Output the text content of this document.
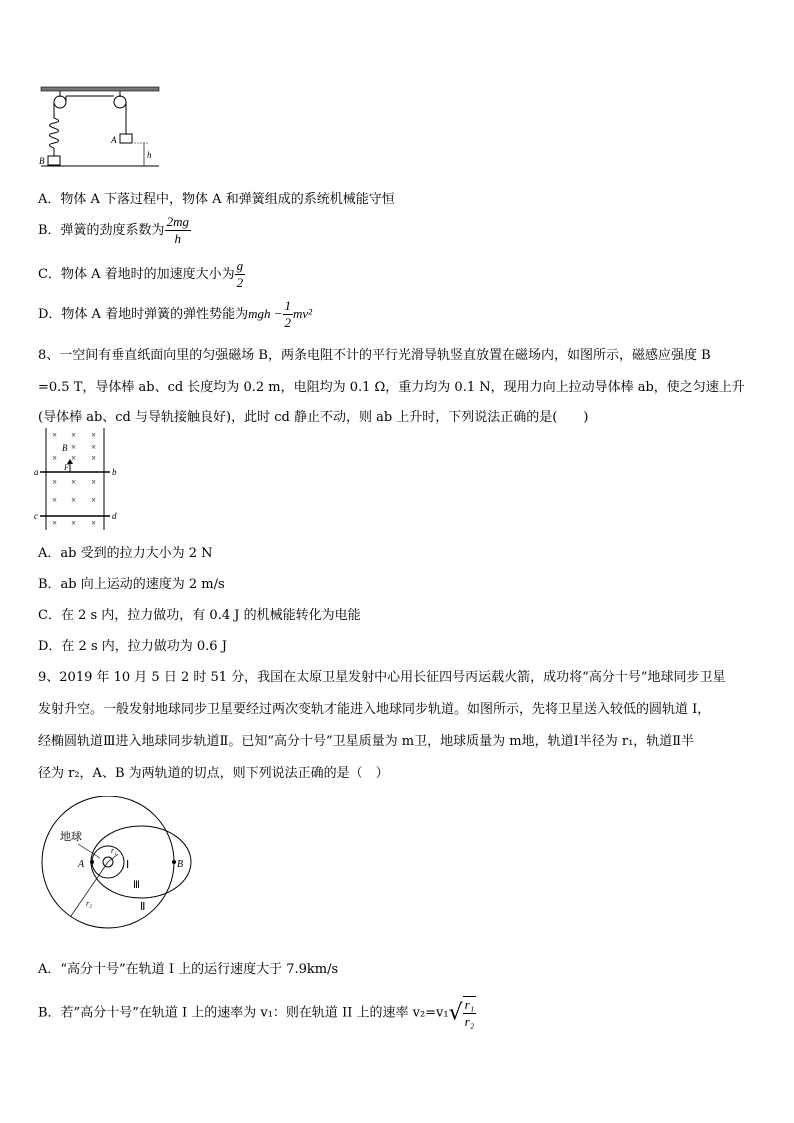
B
A
h
A．物体 A 下落过程中，物体 A 和弹簧组成的系统机械能守恒
B．弹簧的劲度系数为 $\frac{2mg}{h}$
C．物体 A 着地时的加速度大小为 $\frac{g}{2}$
D．物体 A 着地时弹簧的弹性势能为mgh − $\frac{1}{2} mv^2$
8、一空间有垂直纸面向里的匀强磁场 B，两条电阻不计的平行光滑导轨竖直放置在磁场内，如图所示，磁感应强度 B
=0.5 T，导体棒 ab、cd 长度均为 0.2 m，电阻均为 0.1 Ω，重力均为 0.1 N，现用力向上拉动导体棒 ab，使之匀速上升
(导体棒 ab、cd 与导轨接触良好)，此时 cd 静止不动，则 ab 上升时，下列说法正确的是(　　)
× × ×
× ×
× × ×
× × ×
× × ×
× × ×
B
F
a	b
c	d
A．ab 受到的拉力大小为 2 N
B．ab 向上运动的速度为 2 m/s
C．在 2 s 内，拉力做功，有 0.4 J 的机械能转化为电能
D．在 2 s 内，拉力做功为 0.6 J
9、2019 年 10 月 5 日 2 时 51 分，我国在太原卫星发射中心用长征四号丙运载火箭，成功将“高分十号”地球同步卫星
发射升空。一般发射地球同步卫星要经过两次变轨才能进入地球同步轨道。如图所示，先将卫星送入较低的圆轨道 I，
经椭圆轨道Ⅲ进入地球同步轨道Ⅱ。已知“高分十号”卫星质量为 m卫，地球质量为 m地，轨道Ⅰ半径为 r₁，轨道Ⅱ半
径为 r₂，A、B 为两轨道的切点，则下列说法正确的是（　）
地球
A	B
r₁
Ⅰ
Ⅲ
Ⅱ
r₂
A．“高分十号”在轨道 I 上的运行速度大于 7.9km/s
B．若”高分十号”在轨道 I 上的速率为 v₁：则在轨道 II 上的速率 $v_2=v_1√ \frac{\text{r₁}}{\text{r₂}}$
